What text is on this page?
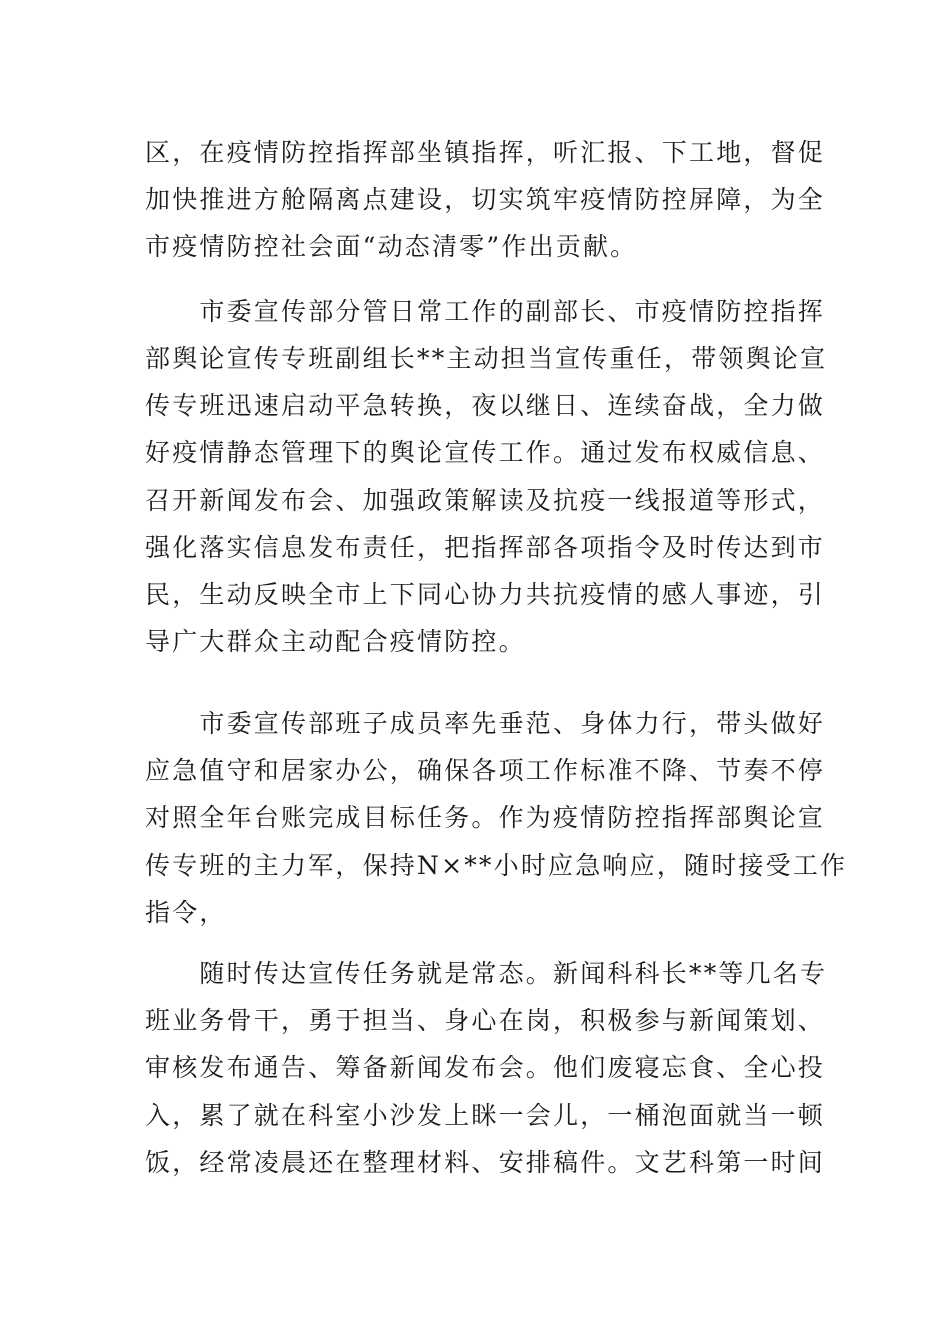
区，在疫情防控指挥部坐镇指挥，听汇报、下工地，督促
加快推进方舱隔离点建设，切实筑牢疫情防控屏障，为全
市疫情防控社会面“动态清零”作出贡献。
　　市委宣传部分管日常工作的副部长、市疫情防控指挥
部舆论宣传专班副组长**主动担当宣传重任，带领舆论宣
传专班迅速启动平急转换，夜以继日、连续奋战，全力做
好疫情静态管理下的舆论宣传工作。通过发布权威信息、
召开新闻发布会、加强政策解读及抗疫一线报道等形式，
强化落实信息发布责任，把指挥部各项指令及时传达到市
民，生动反映全市上下同心协力共抗疫情的感人事迹，引
导广大群众主动配合疫情防控。
　　市委宣传部班子成员率先垂范、身体力行，带头做好
应急值守和居家办公，确保各项工作标准不降、节奏不停
对照全年台账完成目标任务。作为疫情防控指挥部舆论宣
传专班的主力军，保持N×**小时应急响应，随时接受工作
指令，
　　随时传达宣传任务就是常态。新闻科科长**等几名专
班业务骨干，勇于担当、身心在岗，积极参与新闻策划、
审核发布通告、筹备新闻发布会。他们废寝忘食、全心投
入，累了就在科室小沙发上眯一会儿，一桶泡面就当一顿
饭，经常凌晨还在整理材料、安排稿件。文艺科第一时间
